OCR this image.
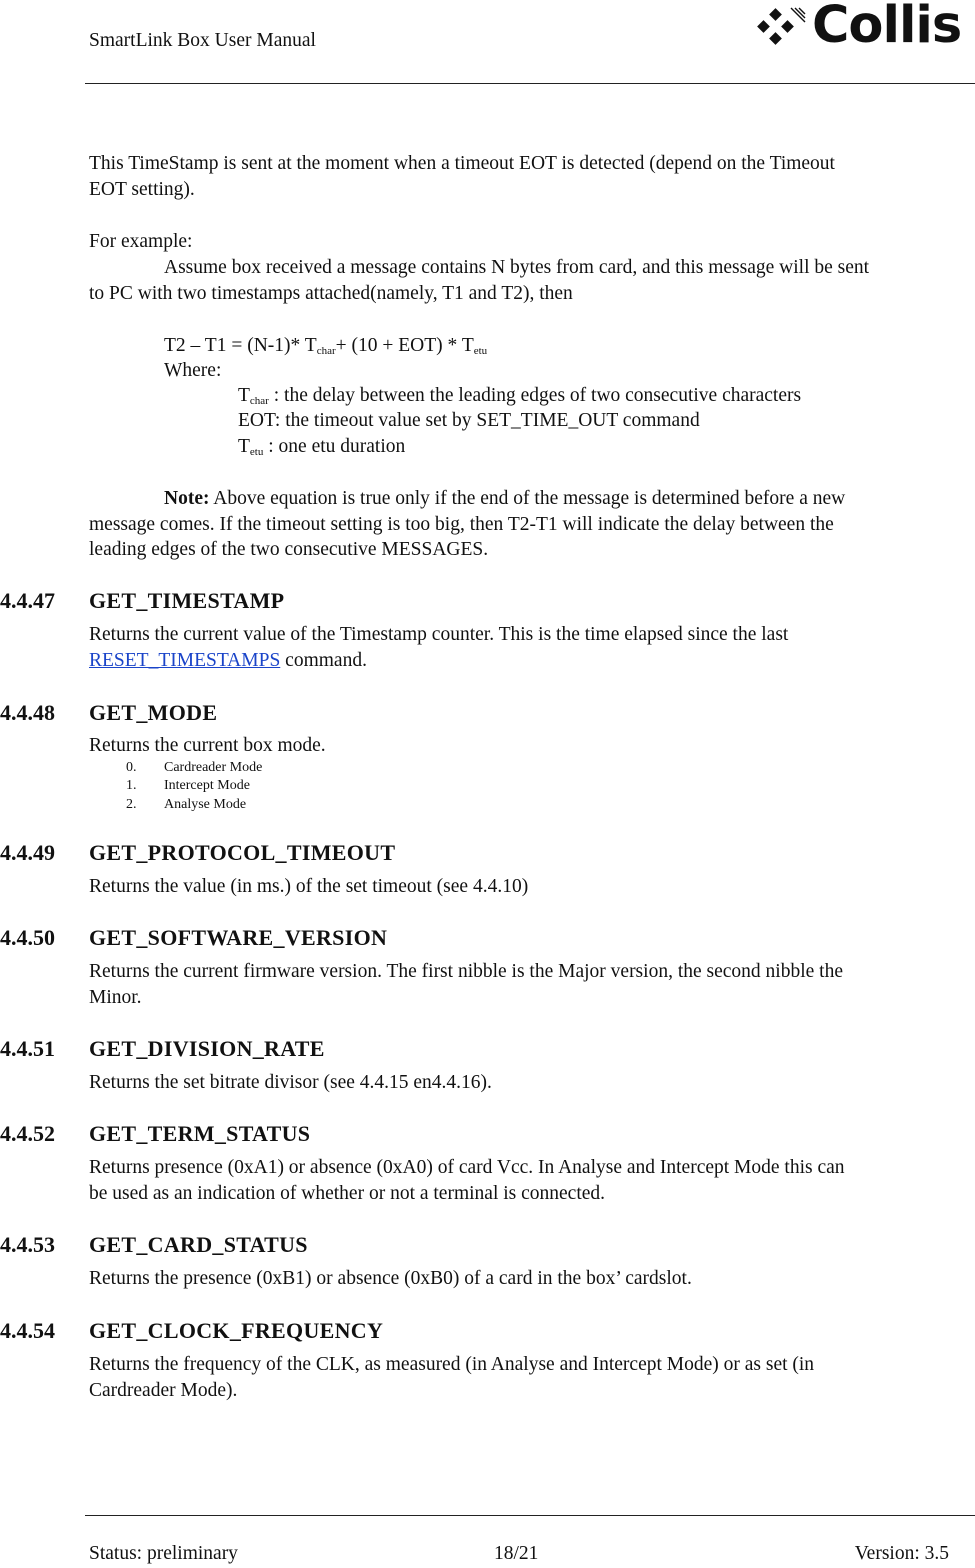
SmartLink Box User Manual	Collis
This TimeStamp is sent at the moment when a timeout EOT is detected (depend on the Timeout
EOT setting).
For example:
Assume box received a message contains N bytes from card, and this message will be sent
to PC with two timestamps attached(namely, T1 and T2), then
T2 – T1 = (N-1)* $T_{char}+ (10 + EOT) * T_{etu}$
Where:
$T_{char}$ : the delay between the leading edges of two consecutive characters
EOT: the timeout value set by SET_TIME_OUT command
$T_{etu}$ : one etu duration
Note: Above equation is true only if the end of the message is determined before a new
message comes. If the timeout setting is too big, then T2-T1 will indicate the delay between the
leading edges of the two consecutive MESSAGES.
4.4.47 GET_TIMESTAMP
Returns the current value of the Timestamp counter. This is the time elapsed since the last
RESET_TIMESTAMPS command.
4.4.48 GET_MODE
Returns the current box mode.
0. Cardreader Mode
1. Intercept Mode
2. Analyse Mode
4.4.49 GET_PROTOCOL_TIMEOUT
Returns the value (in ms.) of the set timeout (see 4.4.10)
4.4.50 GET_SOFTWARE_VERSION
Returns the current firmware version. The first nibble is the Major version, the second nibble the
Minor.
4.4.51 GET_DIVISION_RATE
Returns the set bitrate divisor (see 4.4.15 en4.4.16).
4.4.52 GET_TERM_STATUS
Returns presence (0xA1) or absence (0xA0) of card Vcc. In Analyse and Intercept Mode this can
be used as an indication of whether or not a terminal is connected.
4.4.53 GET_CARD_STATUS
Returns the presence (0xB1) or absence (0xB0) of a card in the box’ cardslot.
4.4.54 GET_CLOCK_FREQUENCY
Returns the frequency of the CLK, as measured (in Analyse and Intercept Mode) or as set (in
Cardreader Mode).
Status: preliminary	18/21	Version: 3.5
